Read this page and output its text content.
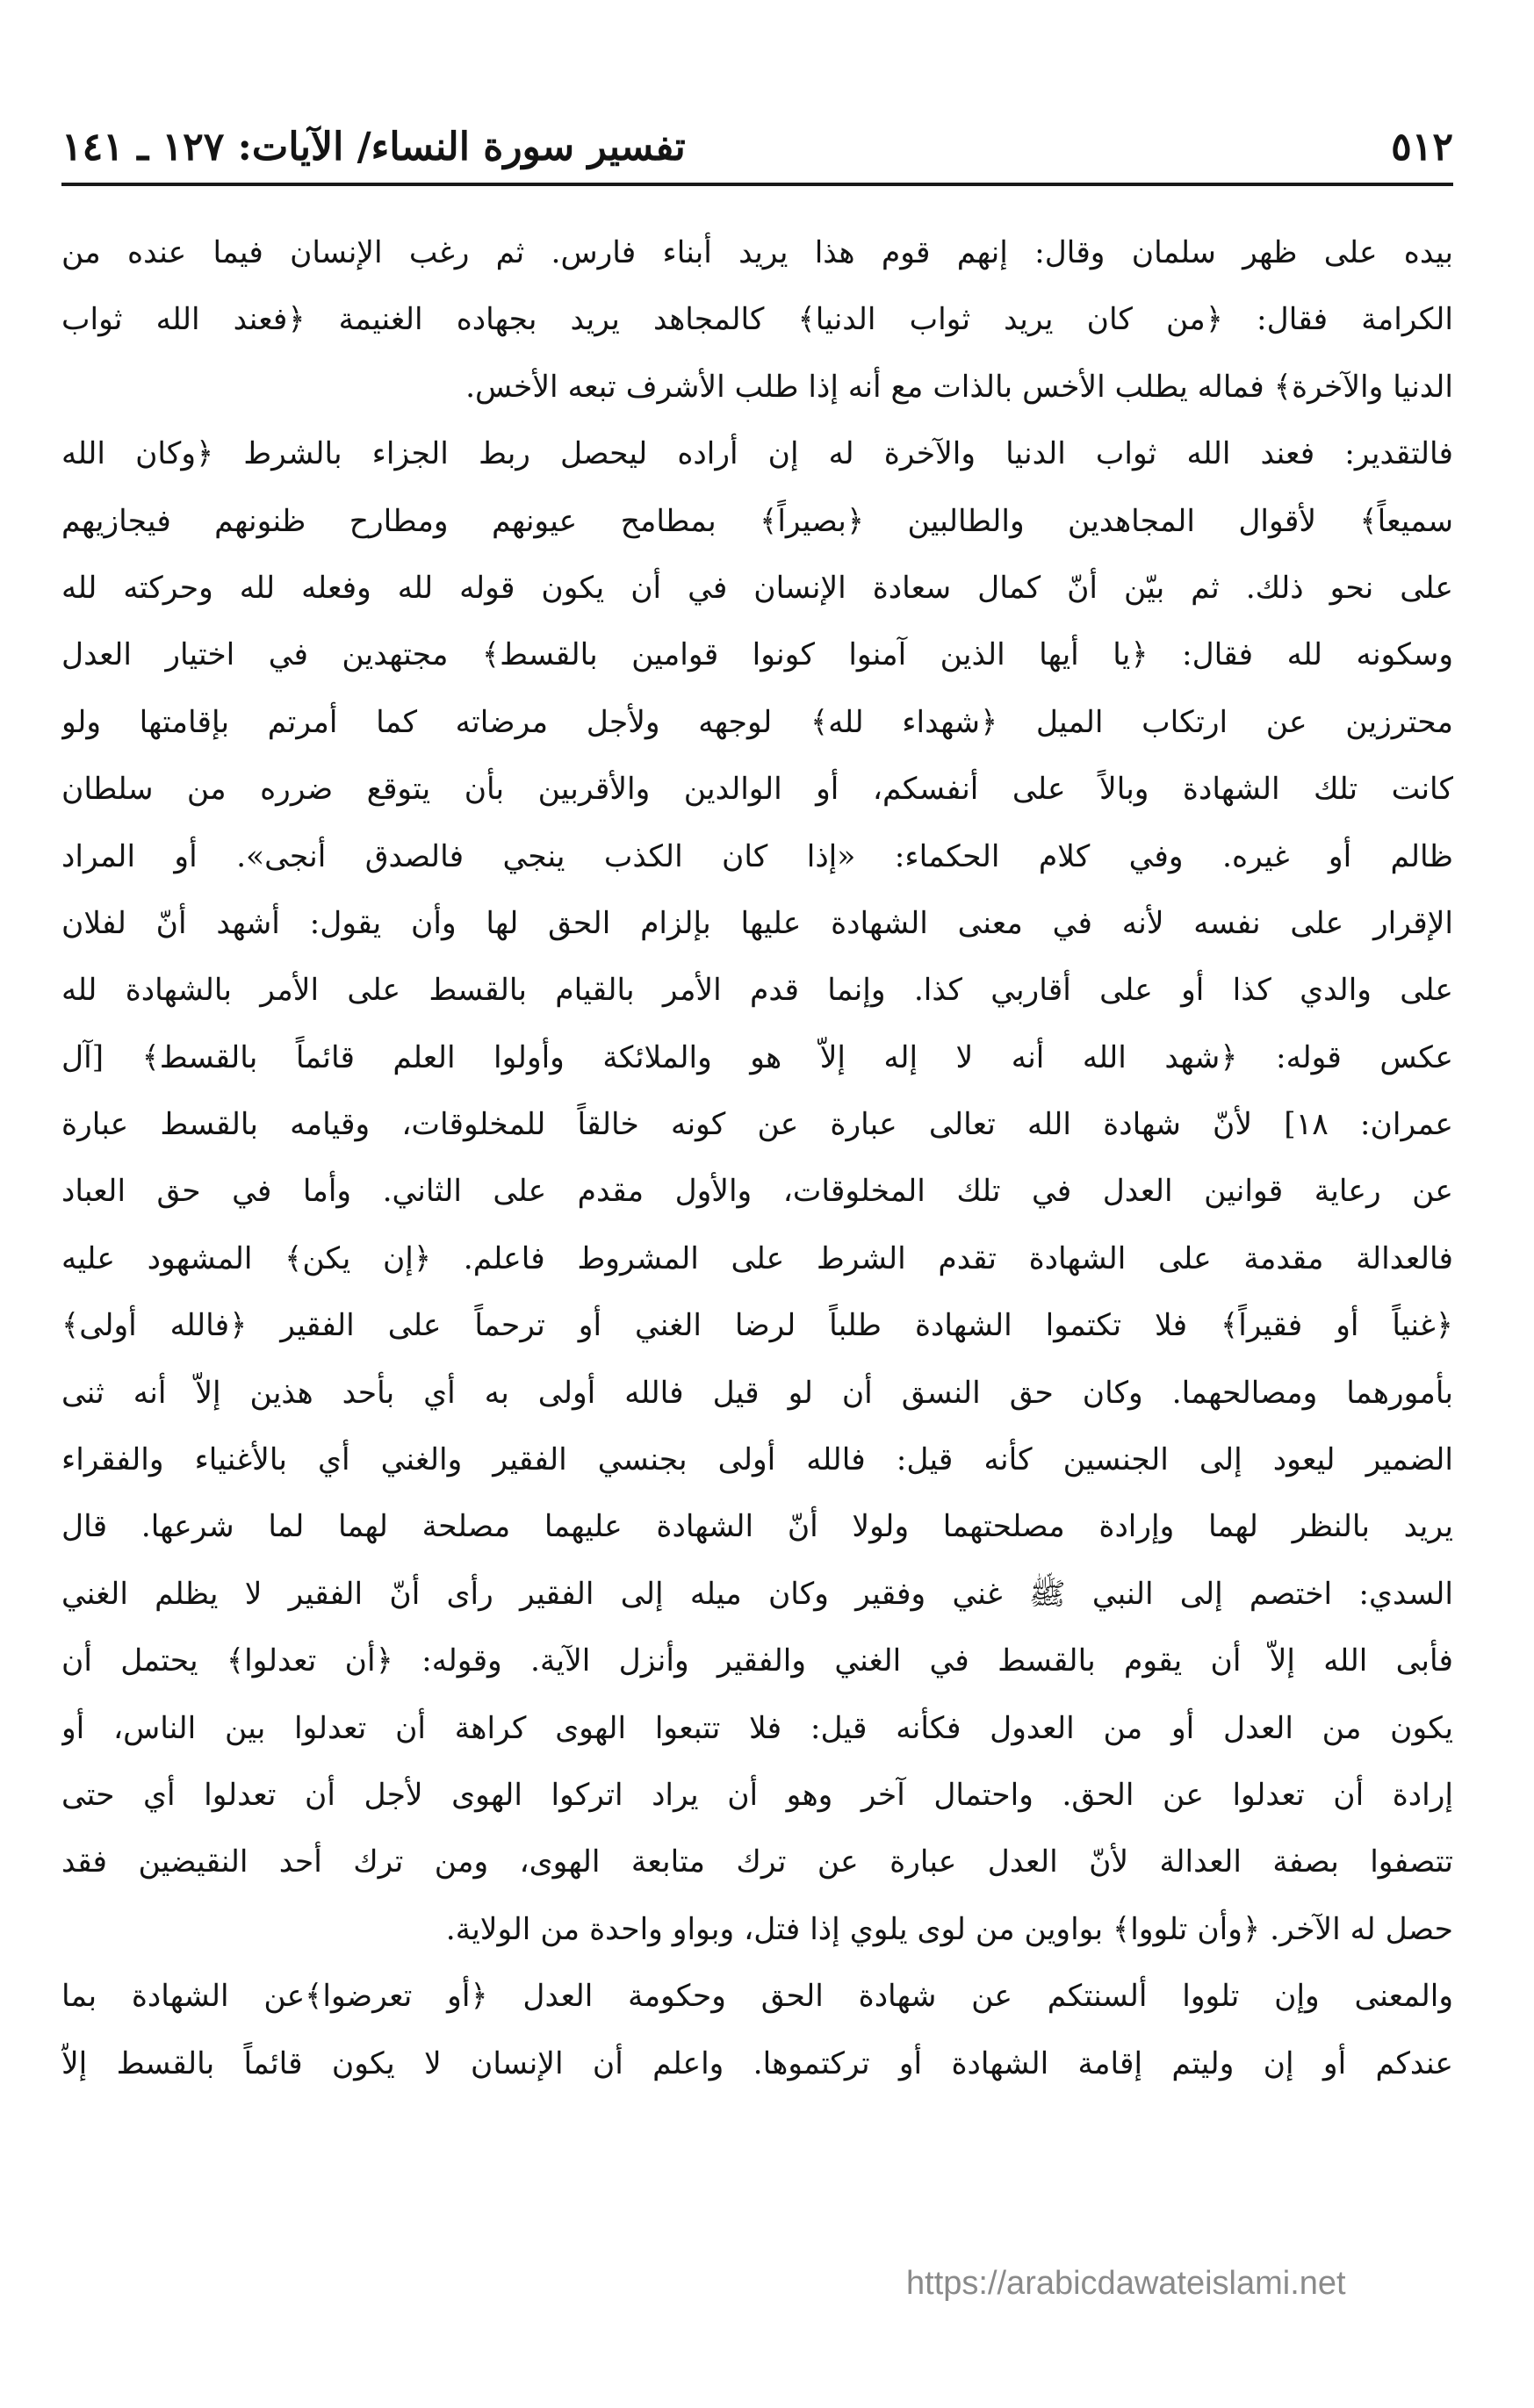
٥١٢
تفسير سورة النساء/ الآيات: ١٢٧ ـ ١٤١
بيده على ظهر سلمان وقال: إنهم قوم هذا يريد أبناء فارس. ثم رغب الإنسان فيما عنده من
الكرامة فقال: ﴿من كان يريد ثواب الدنيا﴾ كالمجاهد يريد بجهاده الغنيمة ﴿فعند الله ثواب
الدنيا والآخرة﴾ فماله يطلب الأخس بالذات مع أنه إذا طلب الأشرف تبعه الأخس.
فالتقدير: فعند الله ثواب الدنيا والآخرة له إن أراده ليحصل ربط الجزاء بالشرط ﴿وكان الله
سميعاً﴾ لأقوال المجاهدين والطالبين ﴿بصيراً﴾ بمطامح عيونهم ومطارح ظنونهم فيجازيهم
على نحو ذلك. ثم بيّن أنّ كمال سعادة الإنسان في أن يكون قوله لله وفعله لله وحركته لله
وسكونه لله فقال: ﴿يا أيها الذين آمنوا كونوا قوامين بالقسط﴾ مجتهدين في اختيار العدل
محترزين عن ارتكاب الميل ﴿شهداء لله﴾ لوجهه ولأجل مرضاته كما أمرتم بإقامتها ولو
كانت تلك الشهادة وبالاً على أنفسكم، أو الوالدين والأقربين بأن يتوقع ضرره من سلطان
ظالم أو غيره. وفي كلام الحكماء: «إذا كان الكذب ينجي فالصدق أنجى». أو المراد
الإقرار على نفسه لأنه في معنى الشهادة عليها بإلزام الحق لها وأن يقول: أشهد أنّ لفلان
على والدي كذا أو على أقاربي كذا. وإنما قدم الأمر بالقيام بالقسط على الأمر بالشهادة لله
عكس قوله: ﴿شهد الله أنه لا إله إلاّ هو والملائكة وأولوا العلم قائماً بالقسط﴾ [آل
عمران: ١٨] لأنّ شهادة الله تعالى عبارة عن كونه خالقاً للمخلوقات، وقيامه بالقسط عبارة
عن رعاية قوانين العدل في تلك المخلوقات، والأول مقدم على الثاني. وأما في حق العباد
فالعدالة مقدمة على الشهادة تقدم الشرط على المشروط فاعلم. ﴿إن يكن﴾ المشهود عليه
﴿غنياً أو فقيراً﴾ فلا تكتموا الشهادة طلباً لرضا الغني أو ترحماً على الفقير ﴿فالله أولى﴾
بأمورهما ومصالحهما. وكان حق النسق أن لو قيل فالله أولى به أي بأحد هذين إلاّ أنه ثنى
الضمير ليعود إلى الجنسين كأنه قيل: فالله أولى بجنسي الفقير والغني أي بالأغنياء والفقراء
يريد بالنظر لهما وإرادة مصلحتهما ولولا أنّ الشهادة عليهما مصلحة لهما لما شرعها. قال
السدي: اختصم إلى النبي ﷺ غني وفقير وكان ميله إلى الفقير رأى أنّ الفقير لا يظلم الغني
فأبى الله إلاّ أن يقوم بالقسط في الغني والفقير وأنزل الآية. وقوله: ﴿أن تعدلوا﴾ يحتمل أن
يكون من العدل أو من العدول فكأنه قيل: فلا تتبعوا الهوى كراهة أن تعدلوا بين الناس، أو
إرادة أن تعدلوا عن الحق. واحتمال آخر وهو أن يراد اتركوا الهوى لأجل أن تعدلوا أي حتى
تتصفوا بصفة العدالة لأنّ العدل عبارة عن ترك متابعة الهوى، ومن ترك أحد النقيضين فقد
حصل له الآخر. ﴿وأن تلووا﴾ بواوين من لوى يلوي إذا فتل، وبواو واحدة من الولاية.
والمعنى وإن تلووا ألسنتكم عن شهادة الحق وحكومة العدل ﴿أو تعرضوا﴾عن الشهادة بما
عندكم أو إن وليتم إقامة الشهادة أو تركتموها. واعلم أن الإنسان لا يكون قائماً بالقسط إلاّ
https://arabicdawateislami.net
